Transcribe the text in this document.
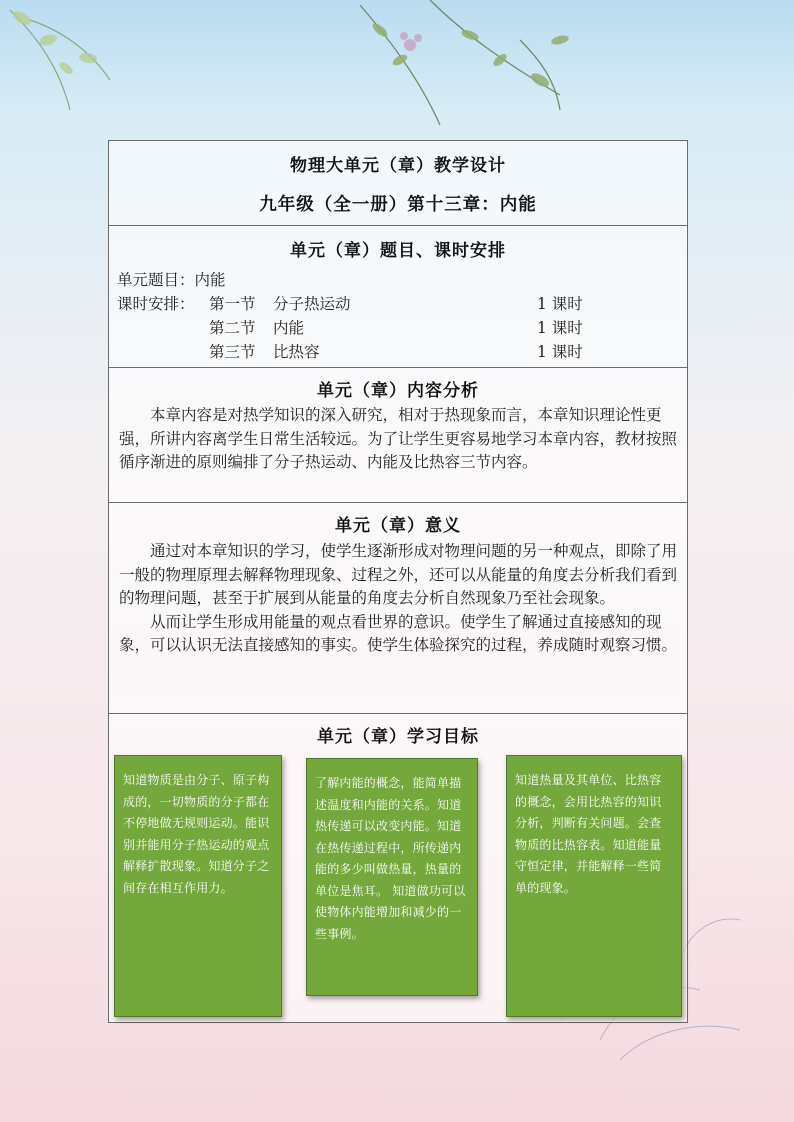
物理大单元（章）教学设计
九年级（全一册）第十三章：内能
单元（章）题目、课时安排
单元题目：内能
课时安排： 第一节 分子热运动	1 课时
第二节 内能	1 课时
第三节 比热容	1 课时
单元（章）内容分析

本章内容是对热学知识的深入研究，相对于热现象而言，本章知识理论性更强，所讲内容离学生日常生活较远。为了让学生更容易地学习本章内容，教材按照循序渐进的原则编排了分子热运动、内能及比热容三节内容。

单元（章）意义

通过对本章知识的学习，使学生逐渐形成对物理问题的另一种观点，即除了用一般的物理原理去解释物理现象、过程之外，还可以从能量的角度去分析我们看到的物理问题，甚至于扩展到从能量的角度去分析自然现象乃至社会现象。

从而让学生形成用能量的观点看世界的意识。使学生了解通过直接感知的现象，可以认识无法直接感知的事实。使学生体验探究的过程，养成随时观察习惯。

单元（章）学习目标
知道物质是由分子、原子构成的，一切物质的分子都在不停地做无规则运动。能识别并能用分子热运动的观点解释扩散现象。知道分子之间存在相互作用力。
了解内能的概念，能简单描述温度和内能的关系。知道热传递可以改变内能。知道在热传递过程中，所传递内能的多少叫做热量，热量的单位是焦耳。 知道做功可以使物体内能增加和减少的一些事例。
知道热量及其单位、比热容的概念，会用比热容的知识分析，判断有关问题。会查物质的比热容表。知道能量守恒定律，并能解释一些简单的现象。
